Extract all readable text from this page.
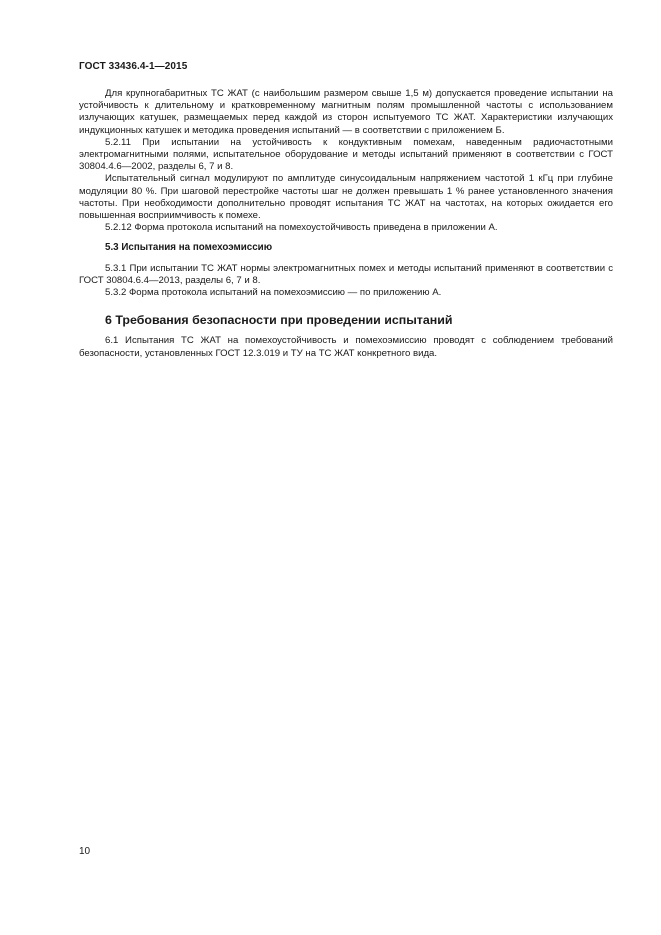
ГОСТ 33436.4-1—2015

Для крупногабаритных ТС ЖАТ (с наибольшим размером свыше 1,5 м) допускается проведение испытании на устойчивость к длительному и кратковременному магнитным полям промышленной частоты с использованием излучающих катушек, размещаемых перед каждой из сторон испытуемого ТС ЖАТ. Характеристики излучающих индукционных катушек и методика проведения испытаний — в соответствии с приложением Б.

5.2.11 При испытании на устойчивость к кондуктивным помехам, наведенным радиочастотными электромагнитными полями, испытательное оборудование и методы испытаний применяют в соответствии с ГОСТ 30804.4.6—2002, разделы 6, 7 и 8.

Испытательный сигнал модулируют по амплитуде синусоидальным напряжением частотой 1 кГц при глубине модуляции 80 %. При шаговой перестройке частоты шаг не должен превышать 1 % ранее установленного значения частоты. При необходимости дополнительно проводят испытания ТС ЖАТ на частотах, на которых ожидается его повышенная восприимчивость к помехе.

5.2.12 Форма протокола испытаний на помехоустойчивость приведена в приложении А.

5.3 Испытания на помехоэмиссию

5.3.1 При испытании ТС ЖАТ нормы электромагнитных помех и методы испытаний применяют в соответствии с ГОСТ 30804.6.4—2013, разделы 6, 7 и 8.

5.3.2 Форма протокола испытаний на помехоэмиссию — по приложению А.

6 Требования безопасности при проведении испытаний

6.1 Испытания ТС ЖАТ на помехоустойчивость и помехоэмиссию проводят с соблюдением требований безопасности, установленных ГОСТ 12.3.019 и ТУ на ТС ЖАТ конкретного вида.

10
